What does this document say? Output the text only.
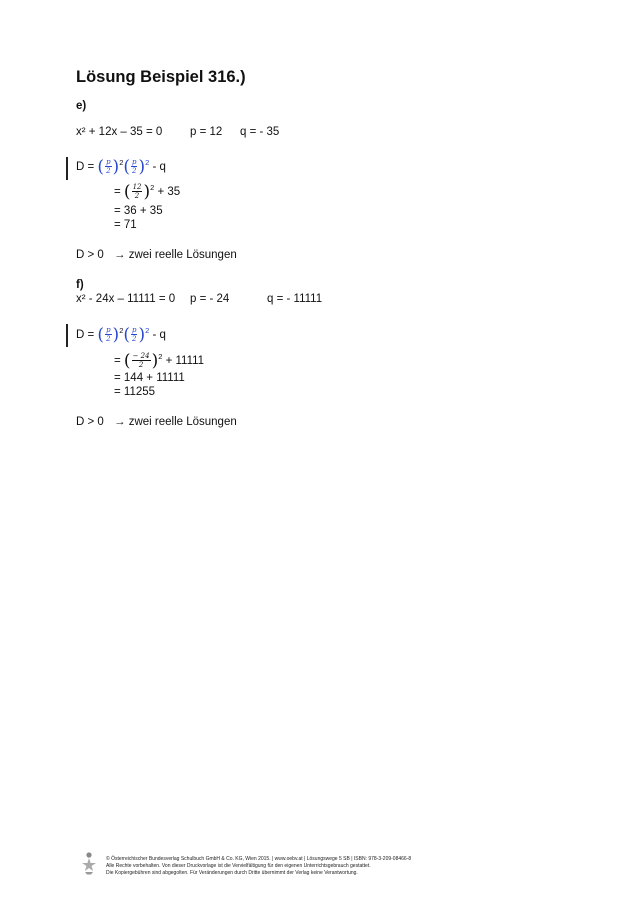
Lösung Beispiel 316.)
e)
x² + 12x – 35 = 0 p = 12 q = - 35
D = ( $\frac{p}{2} )^2( \frac{p}{2} )^2$ - q
= ( $\frac{12}{2} )^2 + 35$
= 36 + 35
= 71
D > 0 → zwei reelle Lösungen
f)
x² - 24x – 11111 = 0 p = - 24	q = - 11111
D = ( $\frac{p}{2} )^2( \frac{p}{2} )^2$ - q
= ( $\frac{- 24}{2} )^2 + 11111$
= 144 + 11111
= 11255
D > 0 → zwei reelle Lösungen
© Österreichischer Bundesverlag Schulbuch GmbH & Co. KG, Wien 2015. | www.oebv.at | Lösungswege 5 SB | ISBN: 978-3-209-08466-8
Alle Rechte vorbehalten. Von dieser Druckvorlage ist die Vervielfältigung für den eigenen Unterrichtsgebrauch gestattet.
Die Kopiergebühren sind abgegolten. Für Veränderungen durch Dritte übernimmt der Verlag keine Verantwortung.
